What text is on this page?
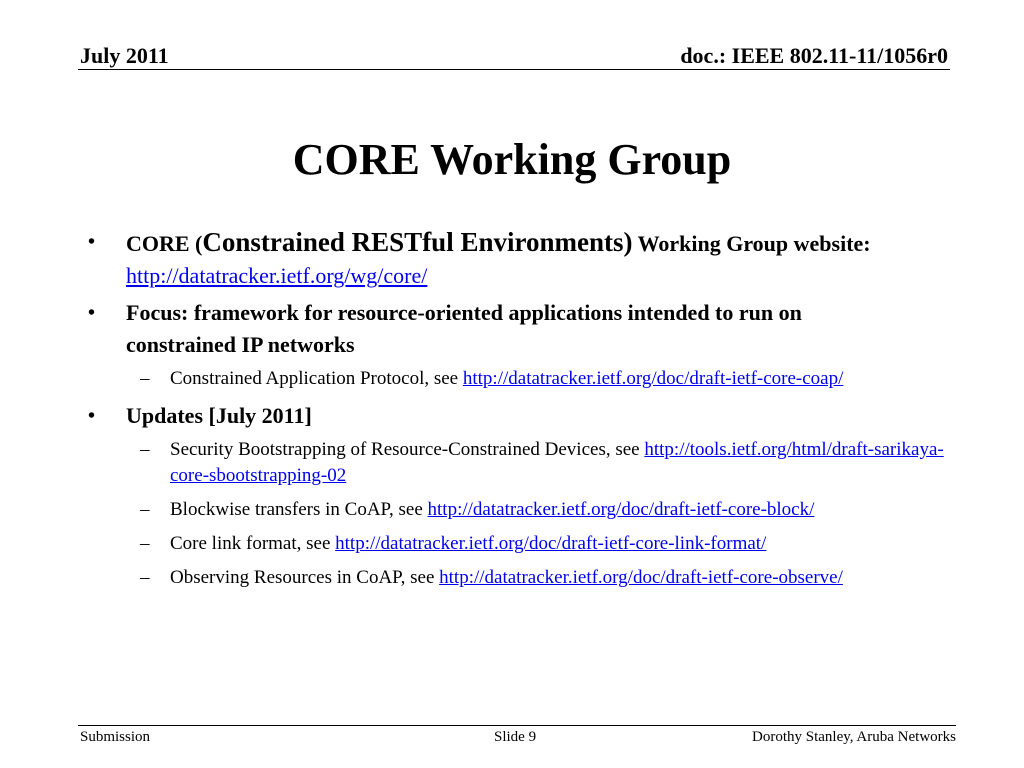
July 2011	doc.: IEEE 802.11-11/1056r0
CORE Working Group
• CORE (Constrained RESTful Environments) Working Group website: http://datatracker.ietf.org/wg/core/
• Focus: framework for resource-oriented applications intended to run on constrained IP networks
– Constrained Application Protocol, see http://datatracker.ietf.org/doc/draft-ietf-core-coap/
• Updates [July 2011]
– Security Bootstrapping of Resource-Constrained Devices, see http://tools.ietf.org/html/draft-sarikaya-core-sbootstrapping-02
– Blockwise transfers in CoAP, see http://datatracker.ietf.org/doc/draft-ietf-core-block/
– Core link format, see http://datatracker.ietf.org/doc/draft-ietf-core-link-format/
– Observing Resources in CoAP, see http://datatracker.ietf.org/doc/draft-ietf-core-observe/
Submission	Slide 9	Dorothy Stanley, Aruba Networks
